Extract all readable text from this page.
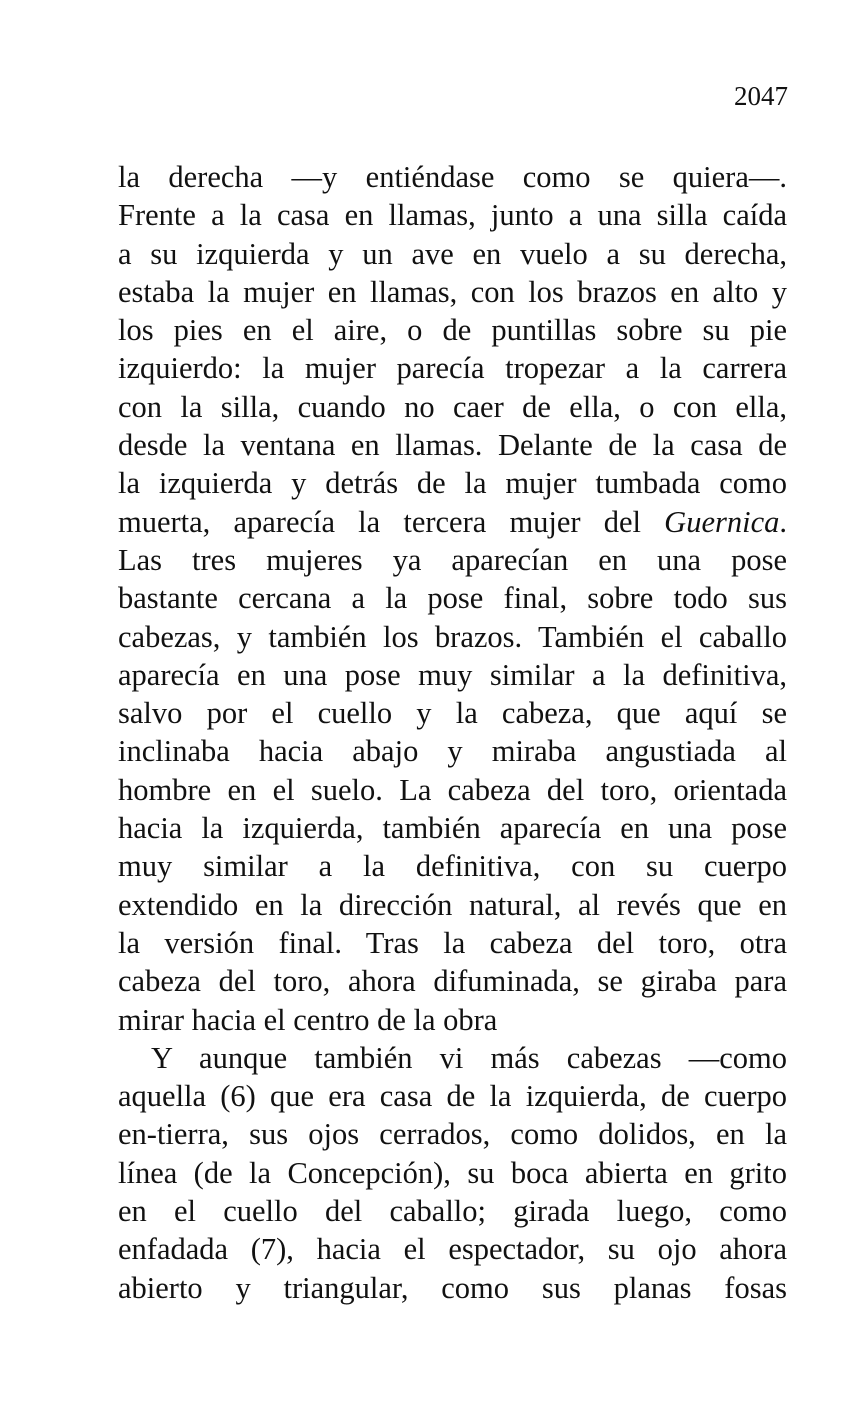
2047
la derecha —y entiéndase como se quiera—.
Frente a la casa en llamas, junto a una silla caída
a su izquierda y un ave en vuelo a su derecha,
estaba la mujer en llamas, con los brazos en alto y
los pies en el aire, o de puntillas sobre su pie
izquierdo: la mujer parecía tropezar a la carrera
con la silla, cuando no caer de ella, o con ella,
desde la ventana en llamas. Delante de la casa de
la izquierda y detrás de la mujer tumbada como
muerta, aparecía la tercera mujer del Guernica.
Las tres mujeres ya aparecían en una pose
bastante cercana a la pose final, sobre todo sus
cabezas, y también los brazos. También el caballo
aparecía en una pose muy similar a la definitiva,
salvo por el cuello y la cabeza, que aquí se
inclinaba hacia abajo y miraba angustiada al
hombre en el suelo. La cabeza del toro, orientada
hacia la izquierda, también aparecía en una pose
muy similar a la definitiva, con su cuerpo
extendido en la dirección natural, al revés que en
la versión final. Tras la cabeza del toro, otra
cabeza del toro, ahora difuminada, se giraba para
mirar hacia el centro de la obra
Y aunque también vi más cabezas —como
aquella (6) que era casa de la izquierda, de cuerpo
en-tierra, sus ojos cerrados, como dolidos, en la
línea (de la Concepción), su boca abierta en grito
en el cuello del caballo; girada luego, como
enfadada (7), hacia el espectador, su ojo ahora
abierto y triangular, como sus planas fosas
